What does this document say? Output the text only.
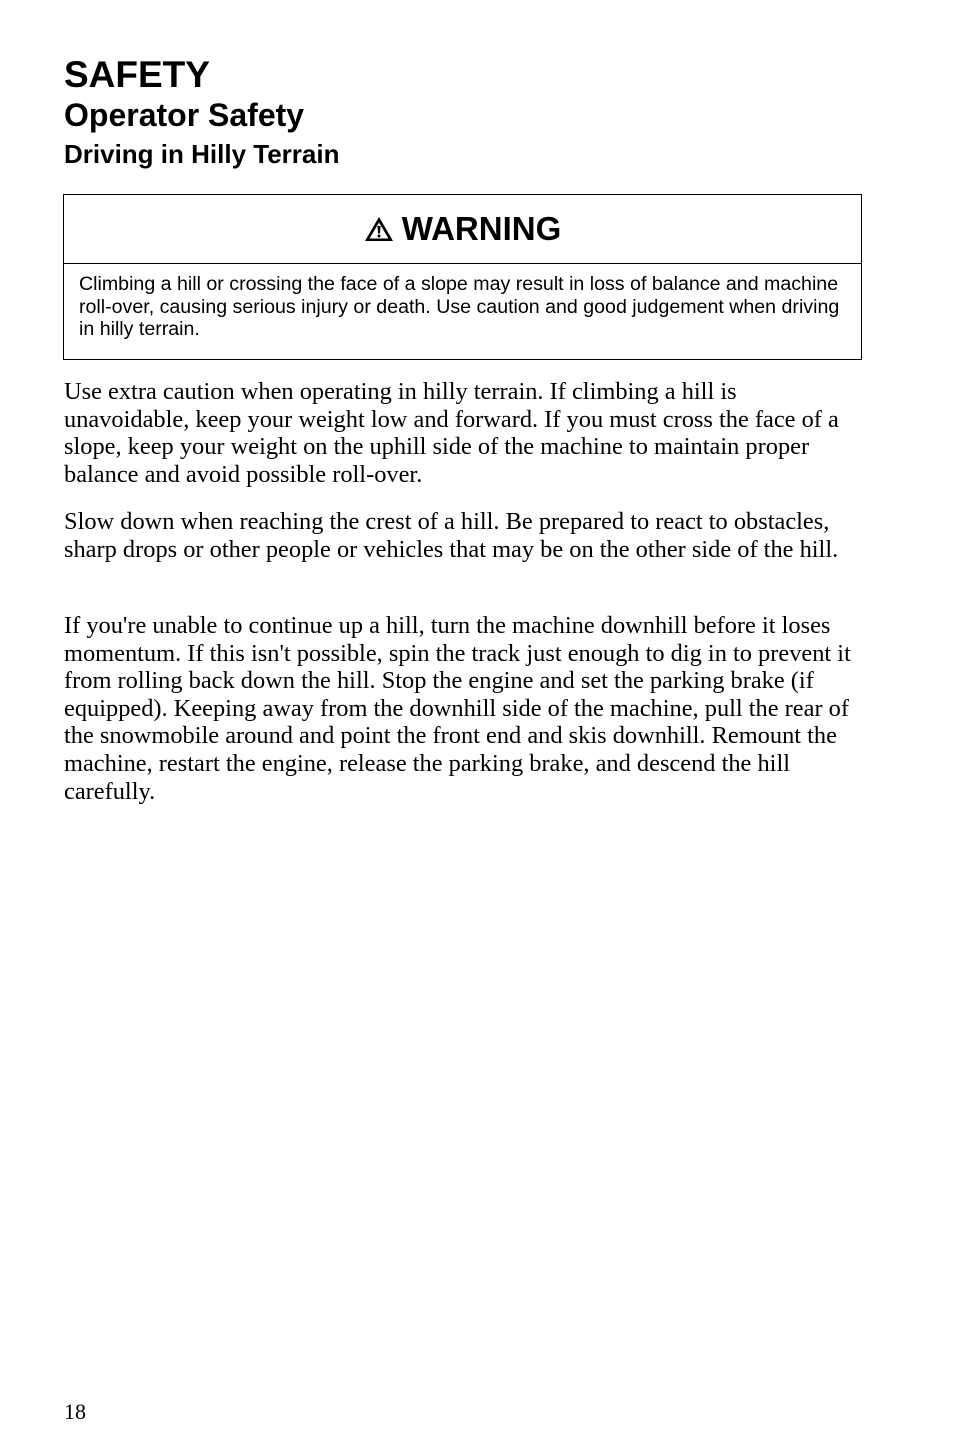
SAFETY
Operator Safety
Driving in Hilly Terrain
WARNING

Climbing a hill or crossing the face of a slope may result in loss of balance and machine roll-over, causing serious injury or death. Use caution and good judgement when driving in hilly terrain.

Use extra caution when operating in hilly terrain. If climbing a hill is unavoidable, keep your weight low and forward. If you must cross the face of a slope, keep your weight on the uphill side of the machine to maintain proper balance and avoid possible roll-over.

Slow down when reaching the crest of a hill. Be prepared to react to obstacles, sharp drops or other people or vehicles that may be on the other side of the hill.

If you're unable to continue up a hill, turn the machine downhill before it loses momentum. If this isn't possible, spin the track just enough to dig in to prevent it from rolling back down the hill. Stop the engine and set the parking brake (if equipped). Keeping away from the downhill side of the machine, pull the rear of the snowmobile around and point the front end and skis downhill. Remount the machine, restart the engine, release the parking brake, and descend the hill carefully.

18
